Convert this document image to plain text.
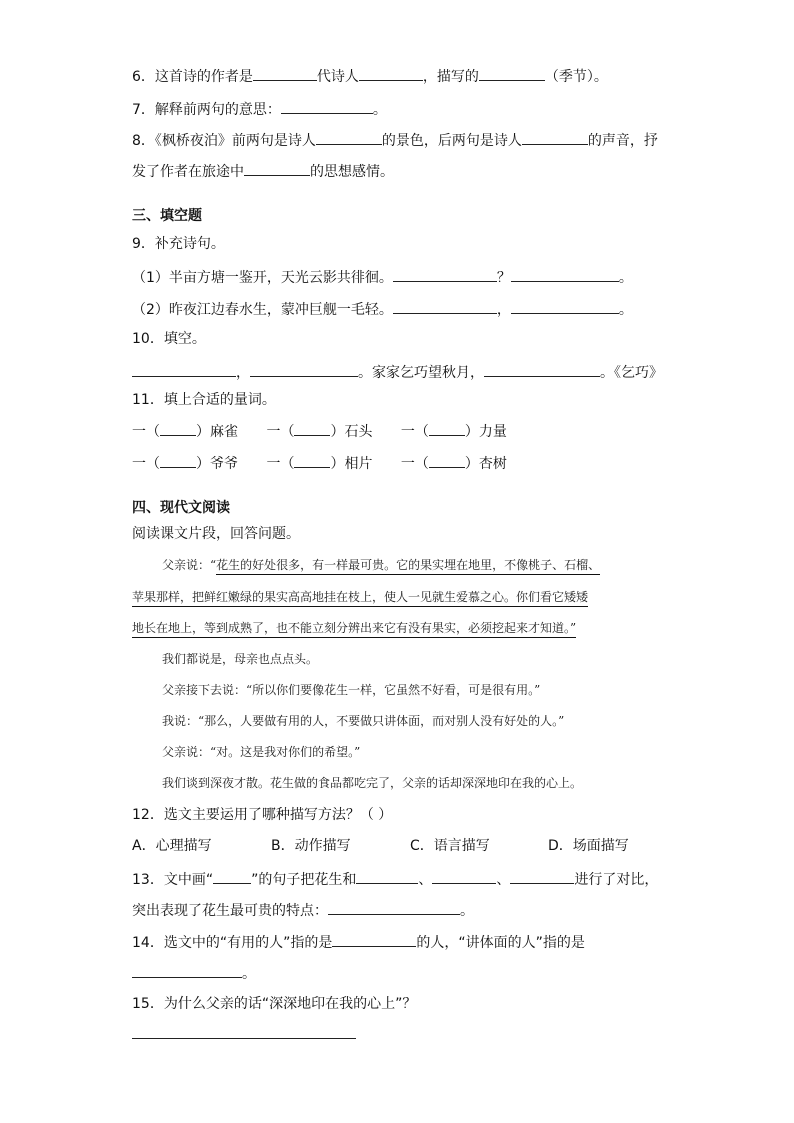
6．这首诗的作者是	代诗人	，描写的	（季节）。
7．解释前两句的意思：	。
8．《枫桥夜泊》前两句是诗人	的景色，后两句是诗人	的声音，抒
发了作者在旅途中	的思想感情。
三、填空题
9．补充诗句。
（1）半亩方塘一鉴开，天光云影共徘徊。	？	。
（2）昨夜江边春水生，蒙冲巨舰一毛轻。	，	。
10．填空。
，	。家家乞巧望秋月，	。《乞巧》
11．填上合适的量词。
一（	）麻雀 一（	）石头 一（	）力量
一（	）爷爷 一（	）相片 一（	）杏树
四、现代文阅读
阅读课文片段，回答问题。
父亲说：“花生的好处很多，有一样最可贵。它的果实埋在地里，不像桃子、石榴、
苹果那样，把鲜红嫩绿的果实高高地挂在枝上，使人一见就生爱慕之心。你们看它矮矮
地长在地上，等到成熟了，也不能立刻分辨出来它有没有果实，必须挖起来才知道。”
我们都说是，母亲也点点头。
父亲接下去说：“所以你们要像花生一样，它虽然不好看，可是很有用。”
我说：“那么，人要做有用的人，不要做只讲体面，而对别人没有好处的人。”
父亲说：“对。这是我对你们的希望。”
我们谈到深夜才散。花生做的食品都吃完了，父亲的话却深深地印在我的心上。
12．选文主要运用了哪种描写方法？（ ）
A．心理描写	B．动作描写	C．语言描写	D．场面描写
13．文中画“	”的句子把花生和	、	、	进行了对比，
突出表现了花生最可贵的特点：	。
14．选文中的“有用的人”指的是	的人，“讲体面的人”指的是
。
15．为什么父亲的话“深深地印在我的心上”？
